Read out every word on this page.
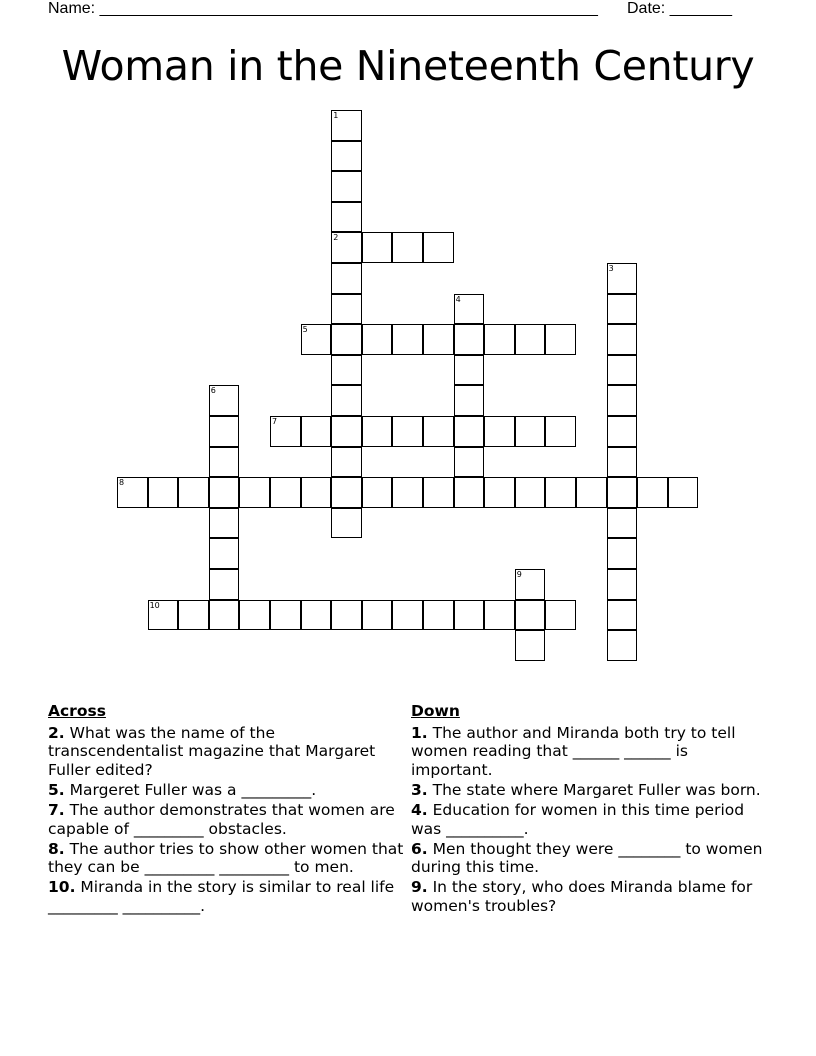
Name: ________________________________________________________ Date: _______
Woman in the Nineteenth Century
1
2
3
4
5
6
7
8
9
10
Across
2. What was the name of the transcendentalist magazine that Margaret Fuller edited?
5. Margeret Fuller was a _________.
7. The author demonstrates that women are capable of _________ obstacles.
8. The author tries to show other women that they can be _________ _________ to men.
10. Miranda in the story is similar to real life _________ __________.
Down
1. The author and Miranda both try to tell women reading that ______ ______ is important.
3. The state where Margaret Fuller was born.
4. Education for women in this time period was __________.
6. Men thought they were ________ to women during this time.
9. In the story, who does Miranda blame for women's troubles?
